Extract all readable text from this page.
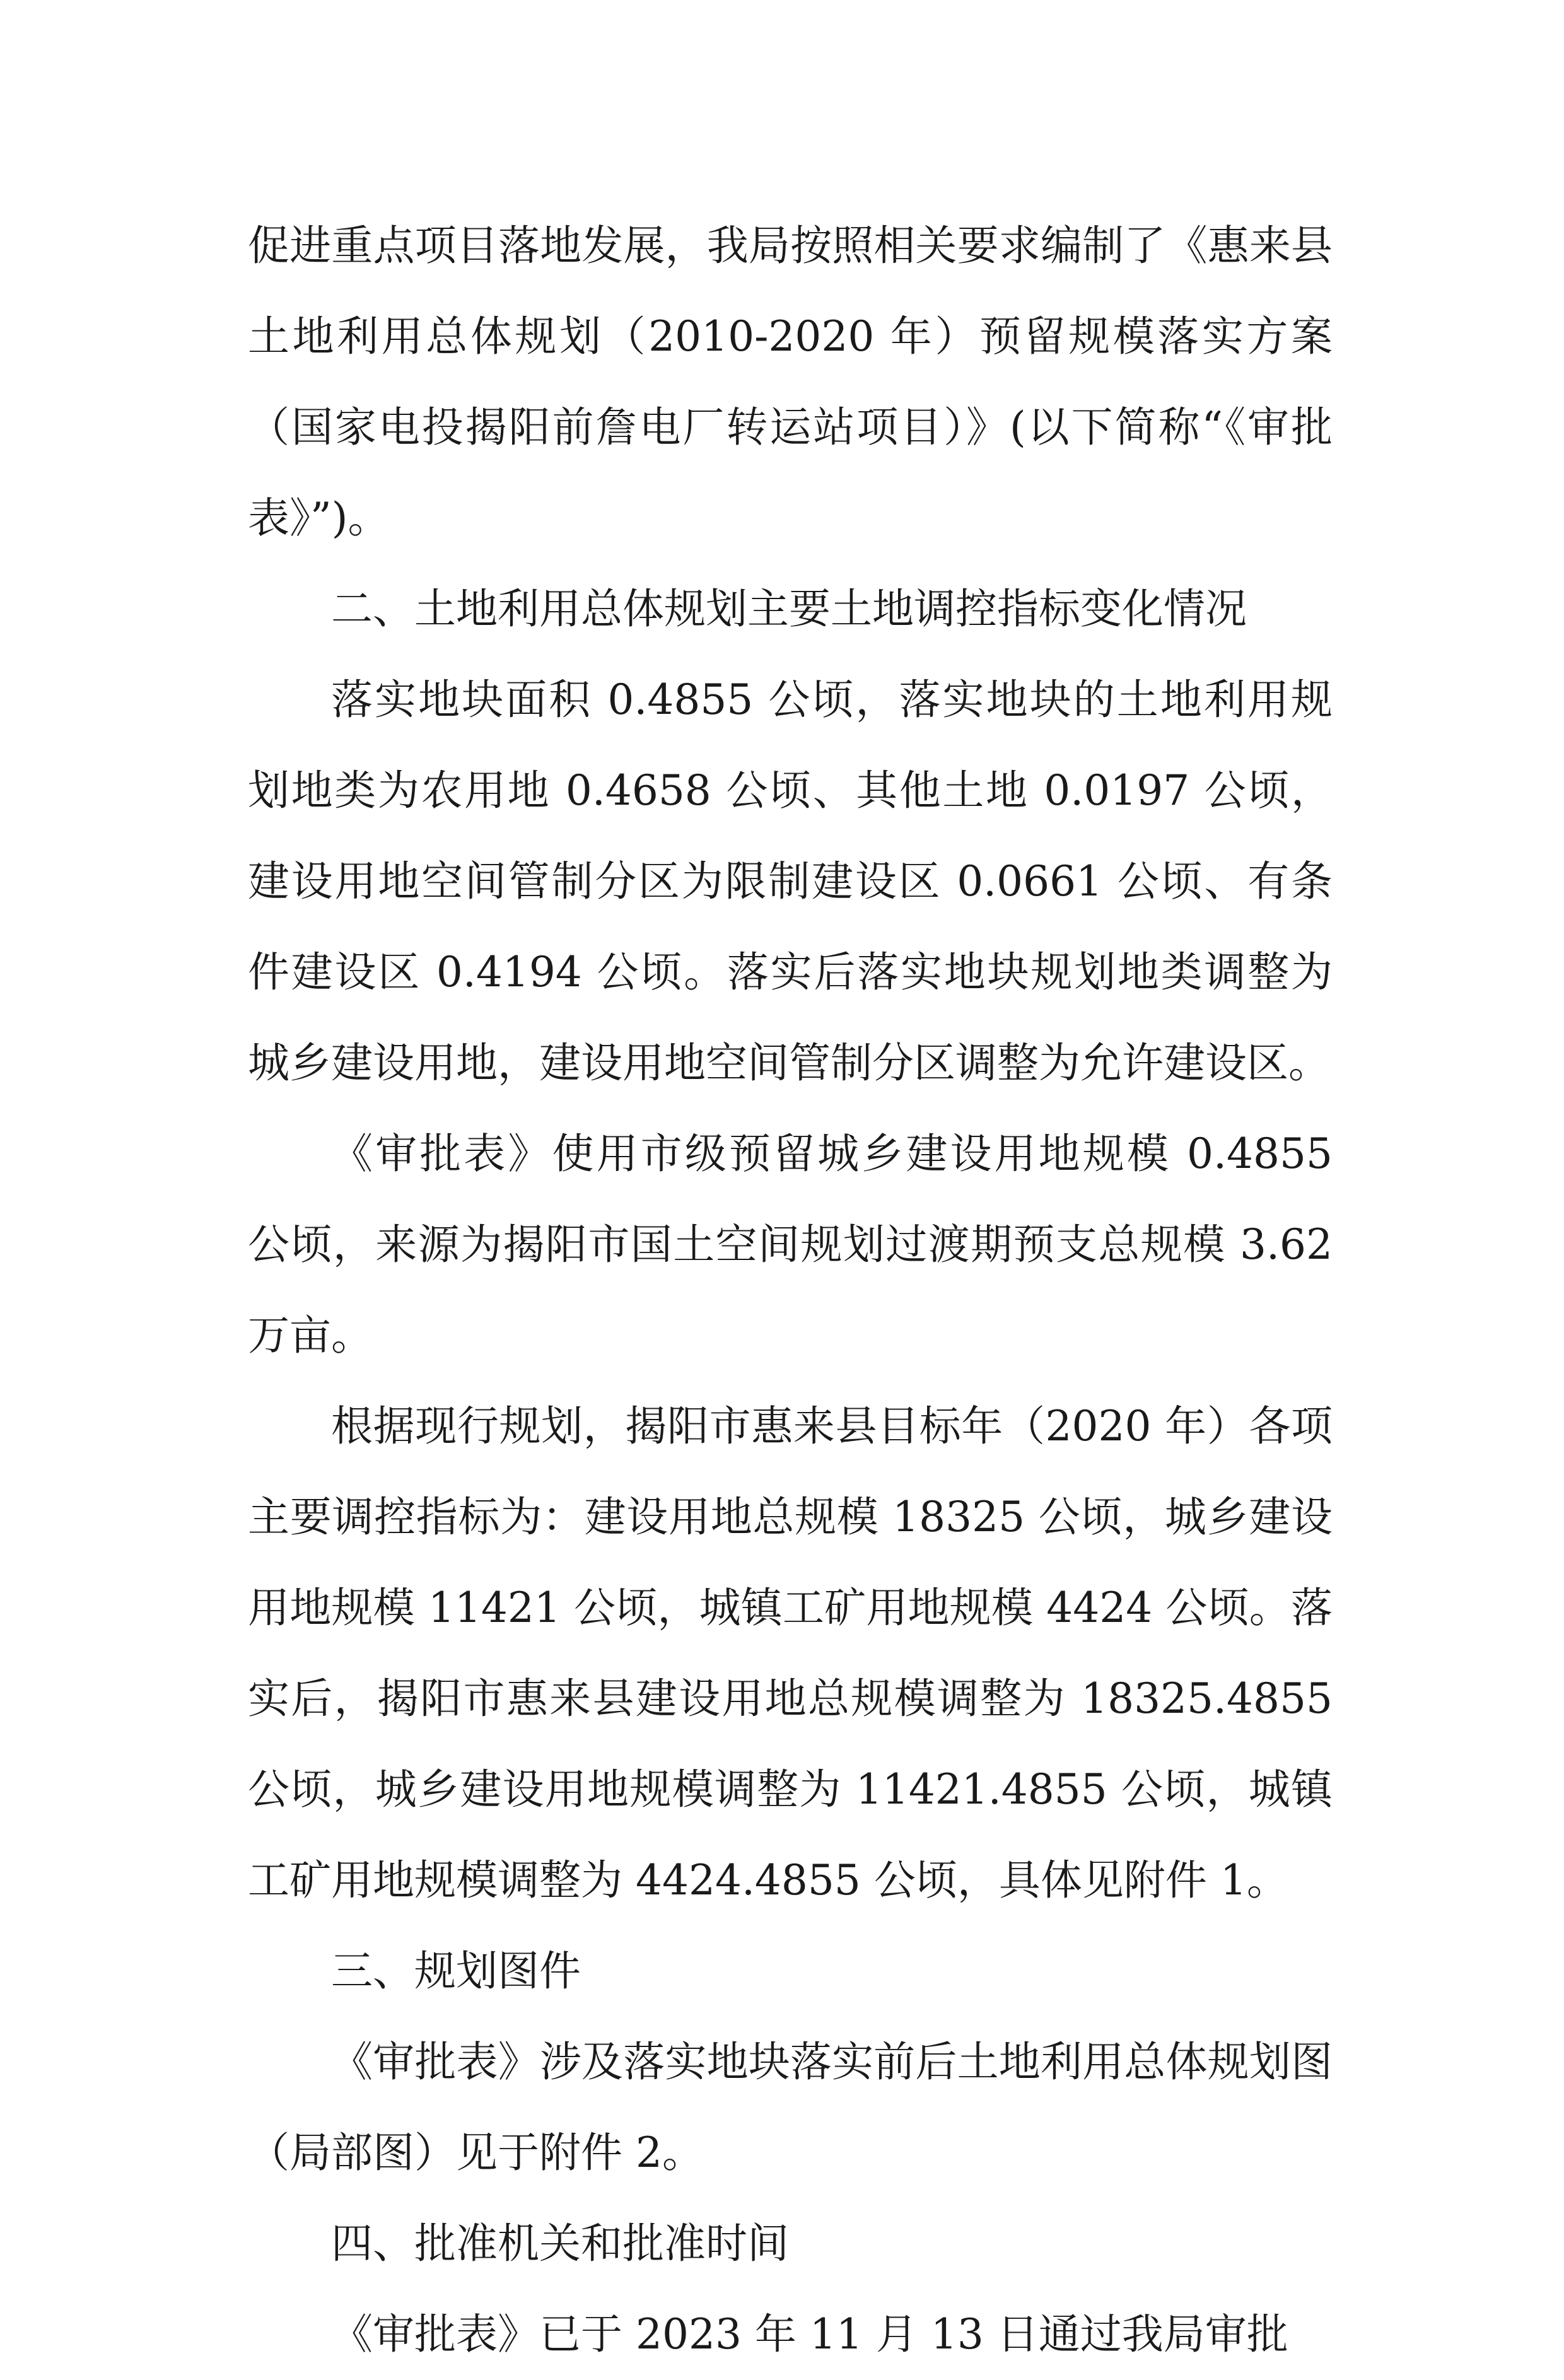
促进重点项目落地发展，我局按照相关要求编制了《惠来县土地利用总体规划（2010-2020 年）预留规模落实方案（国家电投揭阳前詹电厂转运站项目）》(以下简称“《审批表》”)。

二、土地利用总体规划主要土地调控指标变化情况

落实地块面积 0.4855 公顷，落实地块的土地利用规划地类为农用地 0.4658 公顷、其他土地 0.0197 公顷，建设用地空间管制分区为限制建设区 0.0661 公顷、有条件建设区 0.4194 公顷。落实后落实地块规划地类调整为城乡建设用地，建设用地空间管制分区调整为允许建设区。

《审批表》使用市级预留城乡建设用地规模 0.4855 公顷，来源为揭阳市国土空间规划过渡期预支总规模 3.62 万亩。

根据现行规划，揭阳市惠来县目标年（2020 年）各项主要调控指标为：建设用地总规模 18325 公顷，城乡建设用地规模 11421 公顷，城镇工矿用地规模 4424 公顷。落实后，揭阳市惠来县建设用地总规模调整为 18325.4855 公顷，城乡建设用地规模调整为 11421.4855 公顷，城镇工矿用地规模调整为 4424.4855 公顷，具体见附件 1。

三、规划图件

《审批表》涉及落实地块落实前后土地利用总体规划图（局部图）见于附件 2。

四、批准机关和批准时间

《审批表》已于 2023 年 11 月 13 日通过我局审批
